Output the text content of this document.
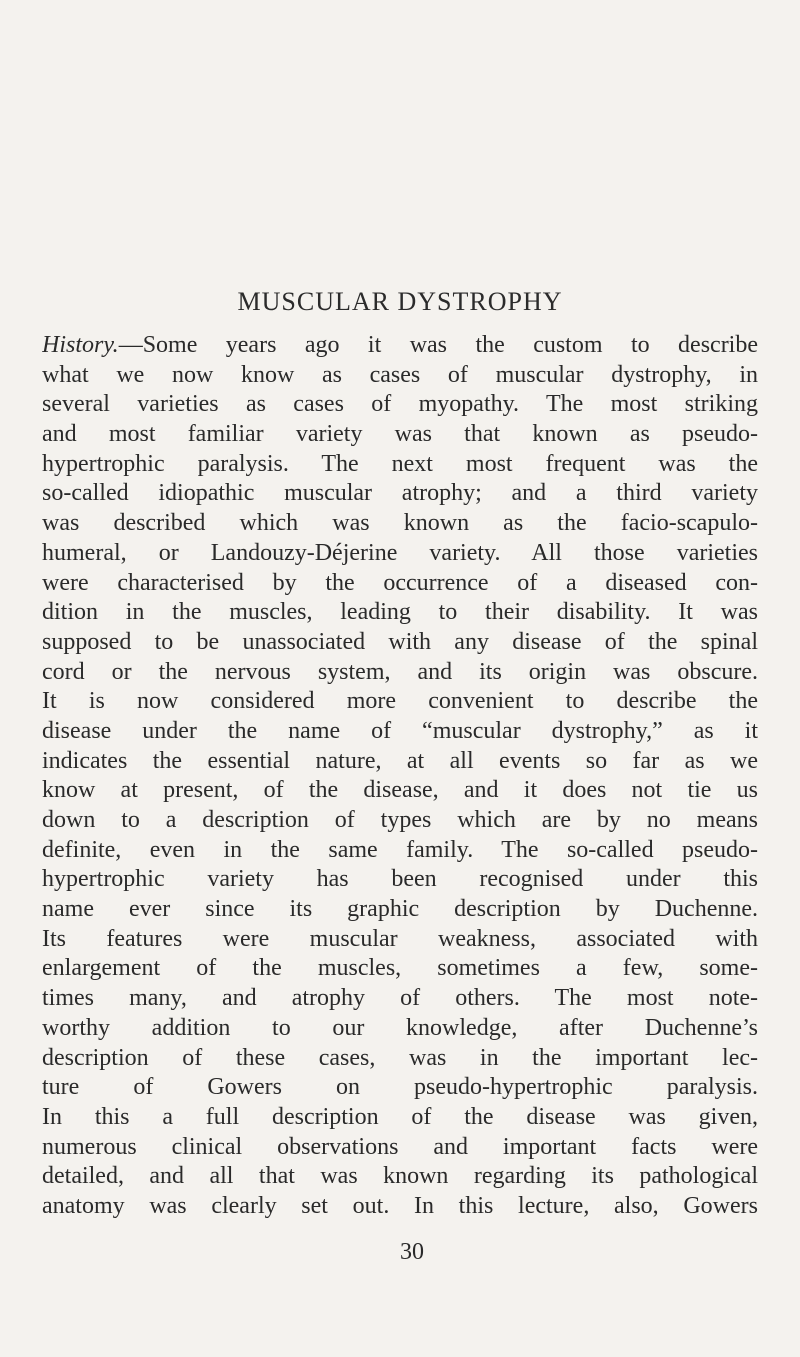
MUSCULAR DYSTROPHY
History.—Some years ago it was the custom to describe
what we now know as cases of muscular dystrophy, in
several varieties as cases of myopathy. The most striking
and most familiar variety was that known as pseudo-
hypertrophic paralysis. The next most frequent was the
so-called idiopathic muscular atrophy; and a third variety
was described which was known as the facio-scapulo-
humeral, or Landouzy-Déjerine variety. All those varieties
were characterised by the occurrence of a diseased con-
dition in the muscles, leading to their disability. It was
supposed to be unassociated with any disease of the spinal
cord or the nervous system, and its origin was obscure.
It is now considered more convenient to describe the
disease under the name of “muscular dystrophy,” as it
indicates the essential nature, at all events so far as we
know at present, of the disease, and it does not tie us
down to a description of types which are by no means
definite, even in the same family. The so-called pseudo-
hypertrophic variety has been recognised under this
name ever since its graphic description by Duchenne.
Its features were muscular weakness, associated with
enlargement of the muscles, sometimes a few, some-
times many, and atrophy of others. The most note-
worthy addition to our knowledge, after Duchenne’s
description of these cases, was in the important lec-
ture of Gowers on pseudo-hypertrophic paralysis.
In this a full description of the disease was given,
numerous clinical observations and important facts were
detailed, and all that was known regarding its pathological
anatomy was clearly set out. In this lecture, also, Gowers
30
